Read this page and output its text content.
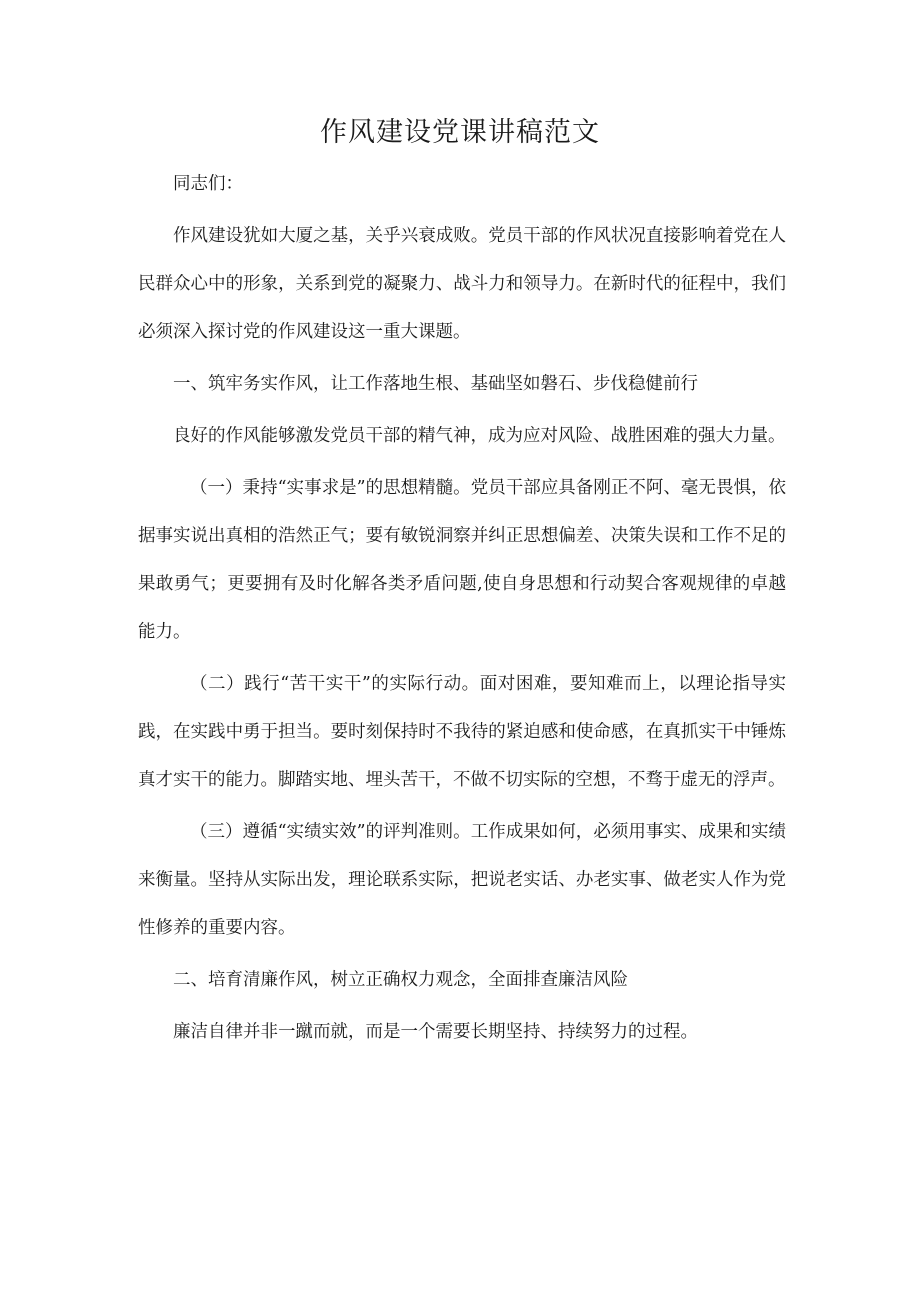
作风建设党课讲稿范文

同志们：

作风建设犹如大厦之基，关乎兴衰成败。党员干部的作风状况直接影响着党在人民群众心中的形象，关系到党的凝聚力、战斗力和领导力。在新时代的征程中，我们必须深入探讨党的作风建设这一重大课题。

一、筑牢务实作风，让工作落地生根、基础坚如磐石、步伐稳健前行

良好的作风能够激发党员干部的精气神，成为应对风险、战胜困难的强大力量。

（一）秉持“实事求是”的思想精髓。党员干部应具备刚正不阿、毫无畏惧，依据事实说出真相的浩然正气；要有敏锐洞察并纠正思想偏差、决策失误和工作不足的果敢勇气；更要拥有及时化解各类矛盾问题,使自身思想和行动契合客观规律的卓越能力。

（二）践行“苦干实干”的实际行动。面对困难，要知难而上，以理论指导实践，在实践中勇于担当。要时刻保持时不我待的紧迫感和使命感，在真抓实干中锤炼真才实干的能力。脚踏实地、埋头苦干，不做不切实际的空想，不骛于虚无的浮声。

（三）遵循“实绩实效”的评判准则。工作成果如何，必须用事实、成果和实绩来衡量。坚持从实际出发，理论联系实际，把说老实话、办老实事、做老实人作为党性修养的重要内容。

二、培育清廉作风，树立正确权力观念，全面排查廉洁风险

廉洁自律并非一蹴而就，而是一个需要长期坚持、持续努力的过程。
